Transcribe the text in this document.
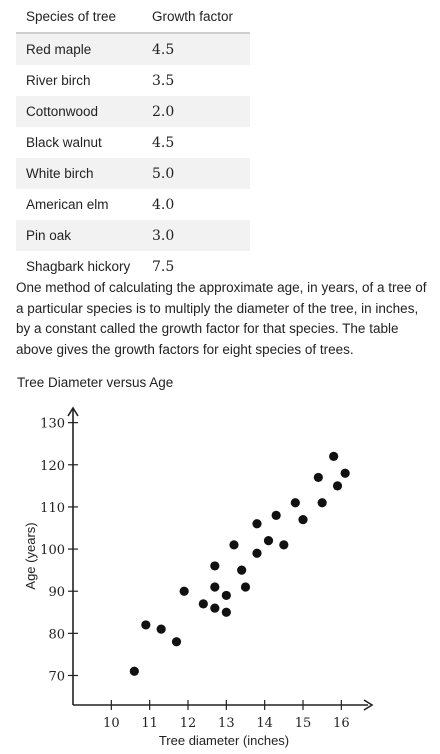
Species of tree	Growth factor
Red maple	4.5
River birch	3.5
Cottonwood	2.0
Black walnut	4.5
White birch	5.0
American elm	4.0
Pin oak	3.0
Shagbark hickory	7.5

One method of calculating the approximate age, in years, of a tree of a particular species is to multiply the diameter of the tree, in inches, by a constant called the growth factor for that species. The table above gives the growth factors for eight species of trees.

Tree Diameter versus Age
10 11 12 13 14 15 16
70
80
90
100
110
120
130
Tree diameter (inches)
Age (years)
